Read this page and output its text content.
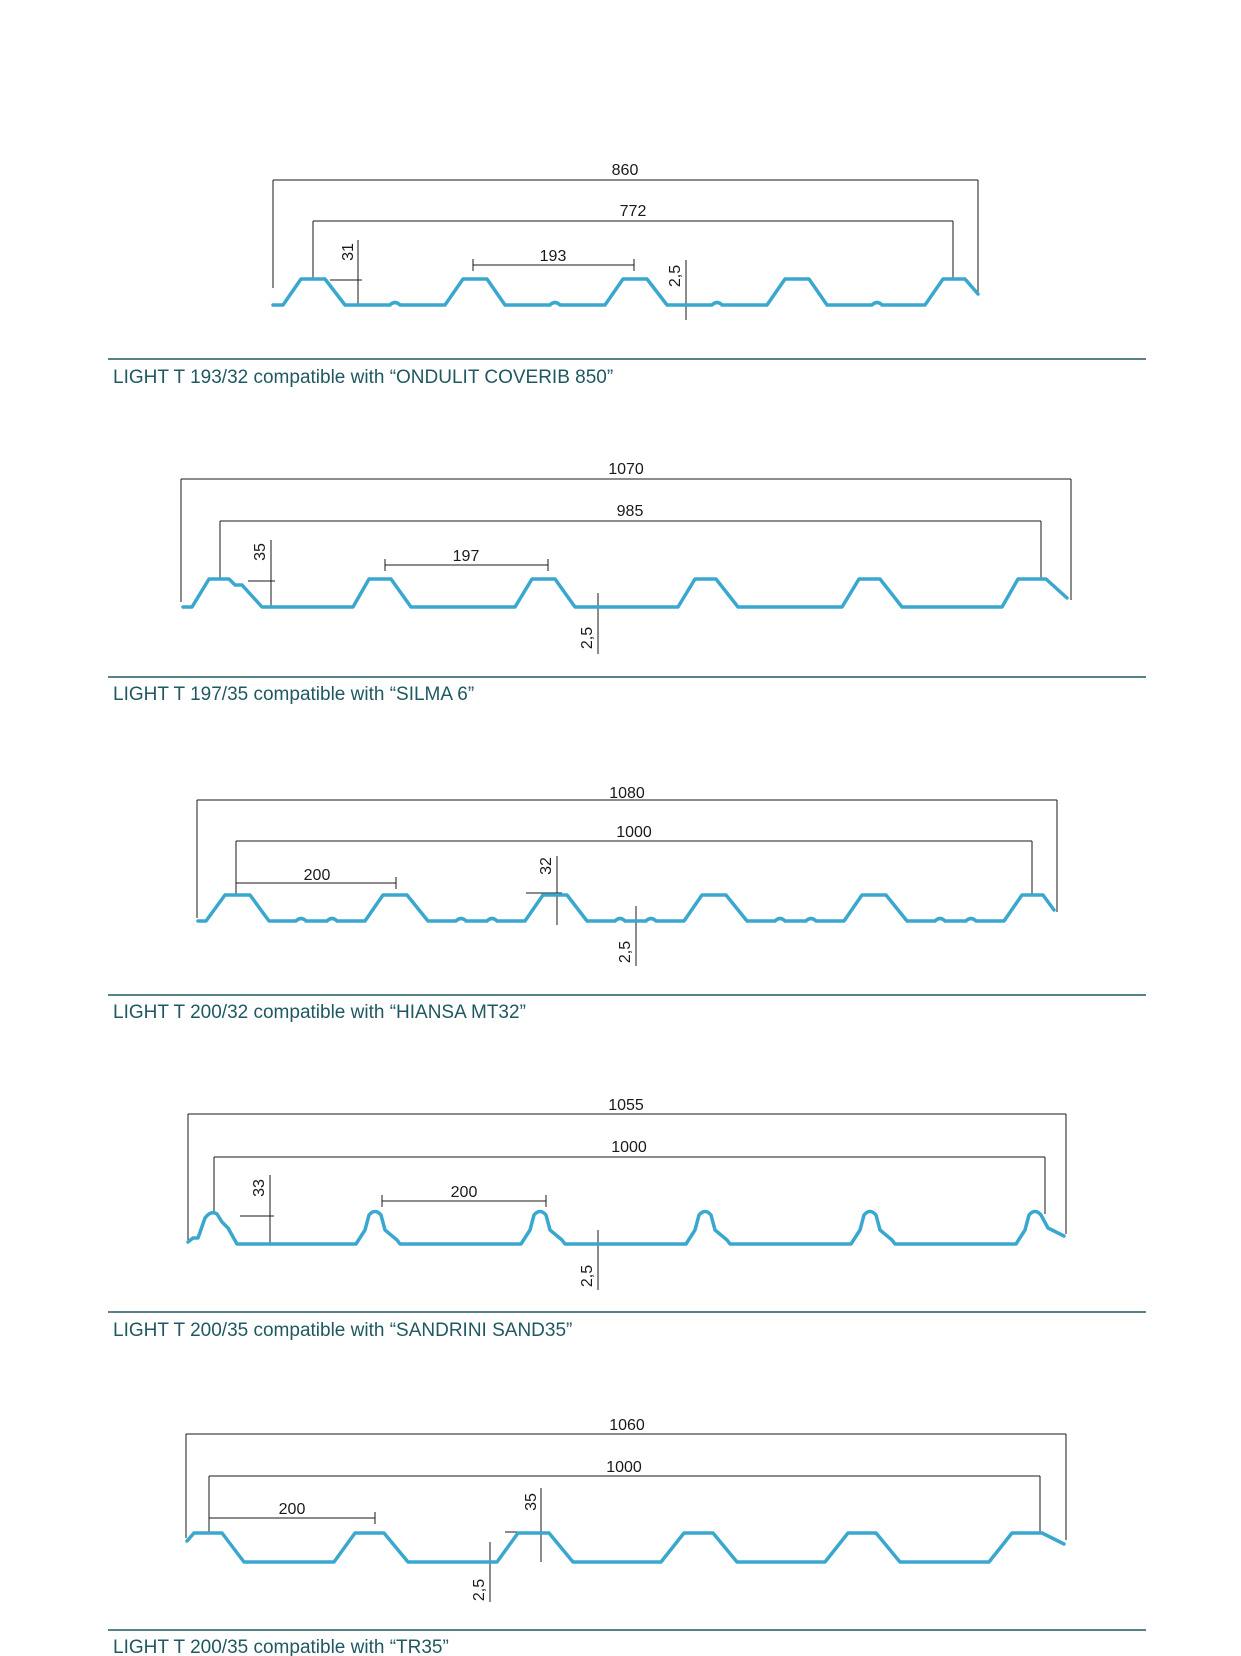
860
772
193
31
2,5
LIGHT T 193/32 compatible with “ONDULIT COVERIB 850”
1070
985
197
35
2,5
LIGHT T 197/35 compatible with “SILMA 6”
1080
1000
200
32
2,5
LIGHT T 200/32 compatible with “HIANSA MT32”
1055
1000
200
33
2,5
LIGHT T 200/35 compatible with “SANDRINI SAND35”
1060
1000
200	35
2,5
LIGHT T 200/35 compatible with “TR35”
